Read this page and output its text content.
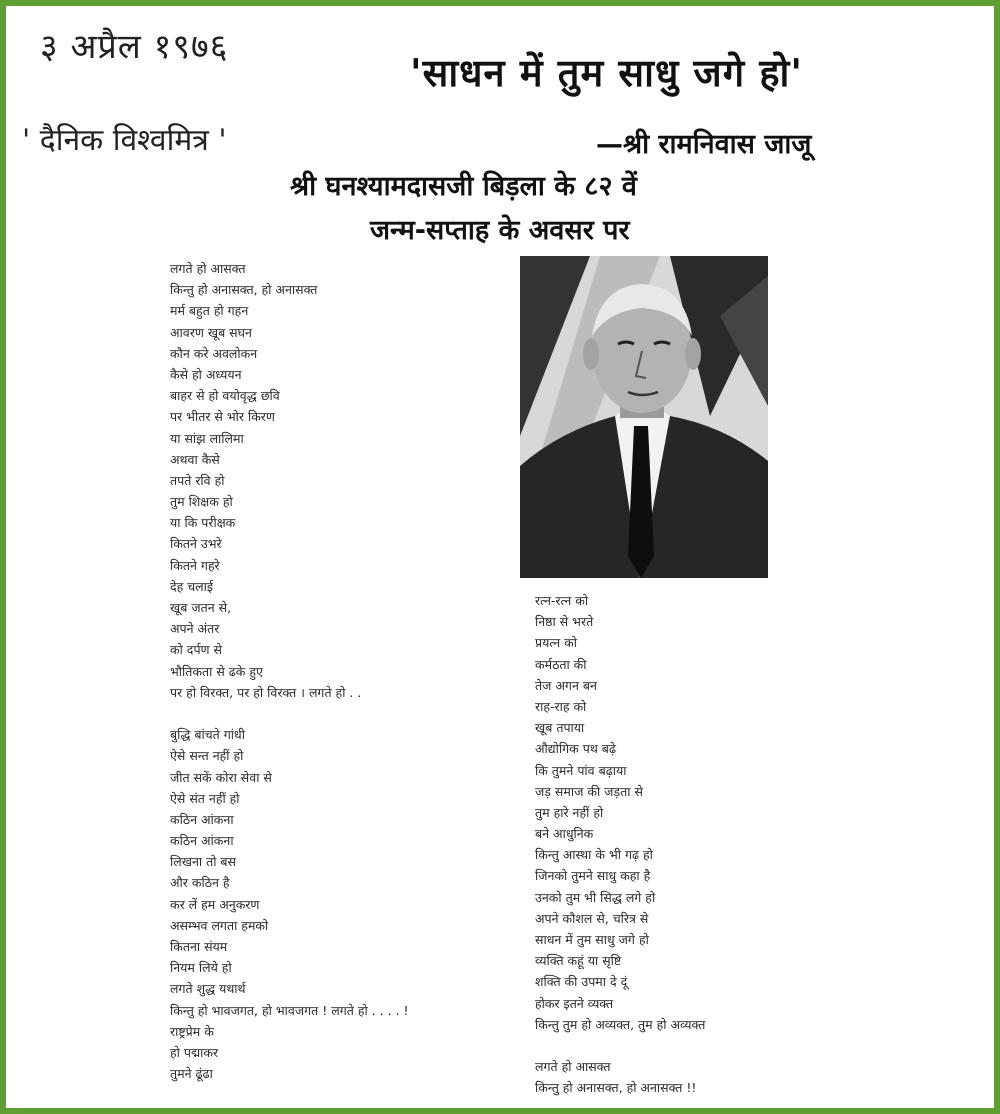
३ अप्रैल १९७६
' दैनिक विश्वमित्र '
'साधन में तुम साधु जगे हो'
—श्री रामनिवास जाजू
श्री घनश्यामदासजी बिड़ला के ८२ वें
जन्म-सप्ताह के अवसर पर
लगते हो आसक्त
किन्तु हो अनासक्त, हो अनासक्त
मर्म बहुत हो गहन
आवरण खूब सघन
कौन करे अवलोकन
कैसे हो अध्ययन
बाहर से हो वयोवृद्ध छवि
पर भीतर से भोर किरण
या सांझ लालिमा
अथवा कैसे
तपते रवि हो
तुम शिक्षक हो
या कि परीक्षक
कितने उभरे
कितने गहरे
देह चलाई
खूब जतन से,
अपने अंतर
को दर्पण से
भौतिकता से ढके हुए
पर हो विरक्त, पर हो विरक्त । लगते हो . .
बुद्धि बांचते गांधी
ऐसे सन्त नहीं हो
जीत सकें कोरा सेवा से
ऐसे संत नहीं हो
कठिन आंकना
कठिन आंकना
लिखना तो बस
और कठिन है
कर लें हम अनुकरण
असम्भव लगता हमको
कितना संयम
नियम लिये हो
लगते शुद्ध यथार्थ
किन्तु हो भावजगत, हो भावजगत ! लगते हो . . . . !
राष्ट्रप्रेम के
हो पद्माकर
तुमने ढूंढा
रत्न-रत्न को
निष्ठा से भरते
प्रयत्न को
कर्मठता की
तेज अगन बन
राह-राह को
खूब तपाया
औद्योगिक पथ बढ़े
कि तुमने पांव बढ़ाया
जड़ समाज की जड़ता से
तुम हारे नहीं हो
बने आधुनिक
किन्तु आस्था के भी गढ़ हो
जिनको तुमने साधु कहा है
उनको तुम भी सिद्ध लगे हो
अपने कौशल से, चरित्र से
साधन में तुम साधु जगे हो
व्यक्ति कहूं या सृष्टि
शक्ति की उपमा दे दूं
होकर इतने व्यक्त
किन्तु तुम हो अव्यक्त, तुम हो अव्यक्त
लगते हो आसक्त
किन्तु हो अनासक्त, हो अनासक्त !!
